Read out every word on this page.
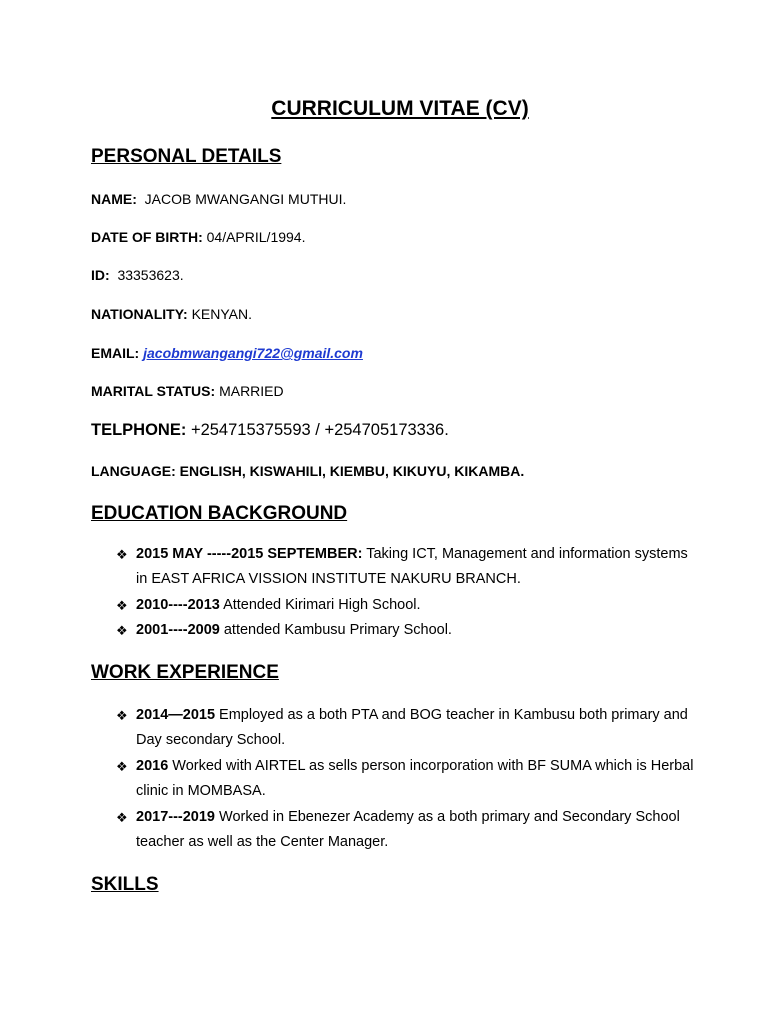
CURRICULUM VITAE (CV)
PERSONAL DETAILS
NAME: JACOB MWANGANGI MUTHUI.
DATE OF BIRTH: 04/APRIL/1994.
ID: 33353623.
NATIONALITY: KENYAN.
EMAIL: jacobmwangangi722@gmail.com
MARITAL STATUS: MARRIED
TELPHONE: +254715375593 / +254705173336.
LANGUAGE: ENGLISH, KISWAHILI, KIEMBU, KIKUYU, KIKAMBA.
EDUCATION BACKGROUND
❖ 2015 MAY -----2015 SEPTEMBER: Taking ICT, Management and information systems in EAST AFRICA VISSION INSTITUTE NAKURU BRANCH.
❖ 2010----2013 Attended Kirimari High School.
❖ 2001----2009 attended Kambusu Primary School.
WORK EXPERIENCE
❖ 2014—2015 Employed as a both PTA and BOG teacher in Kambusu both primary and Day secondary School.
❖ 2016 Worked with AIRTEL as sells person incorporation with BF SUMA which is Herbal clinic in MOMBASA.
❖ 2017---2019 Worked in Ebenezer Academy as a both primary and Secondary School teacher as well as the Center Manager.
SKILLS
